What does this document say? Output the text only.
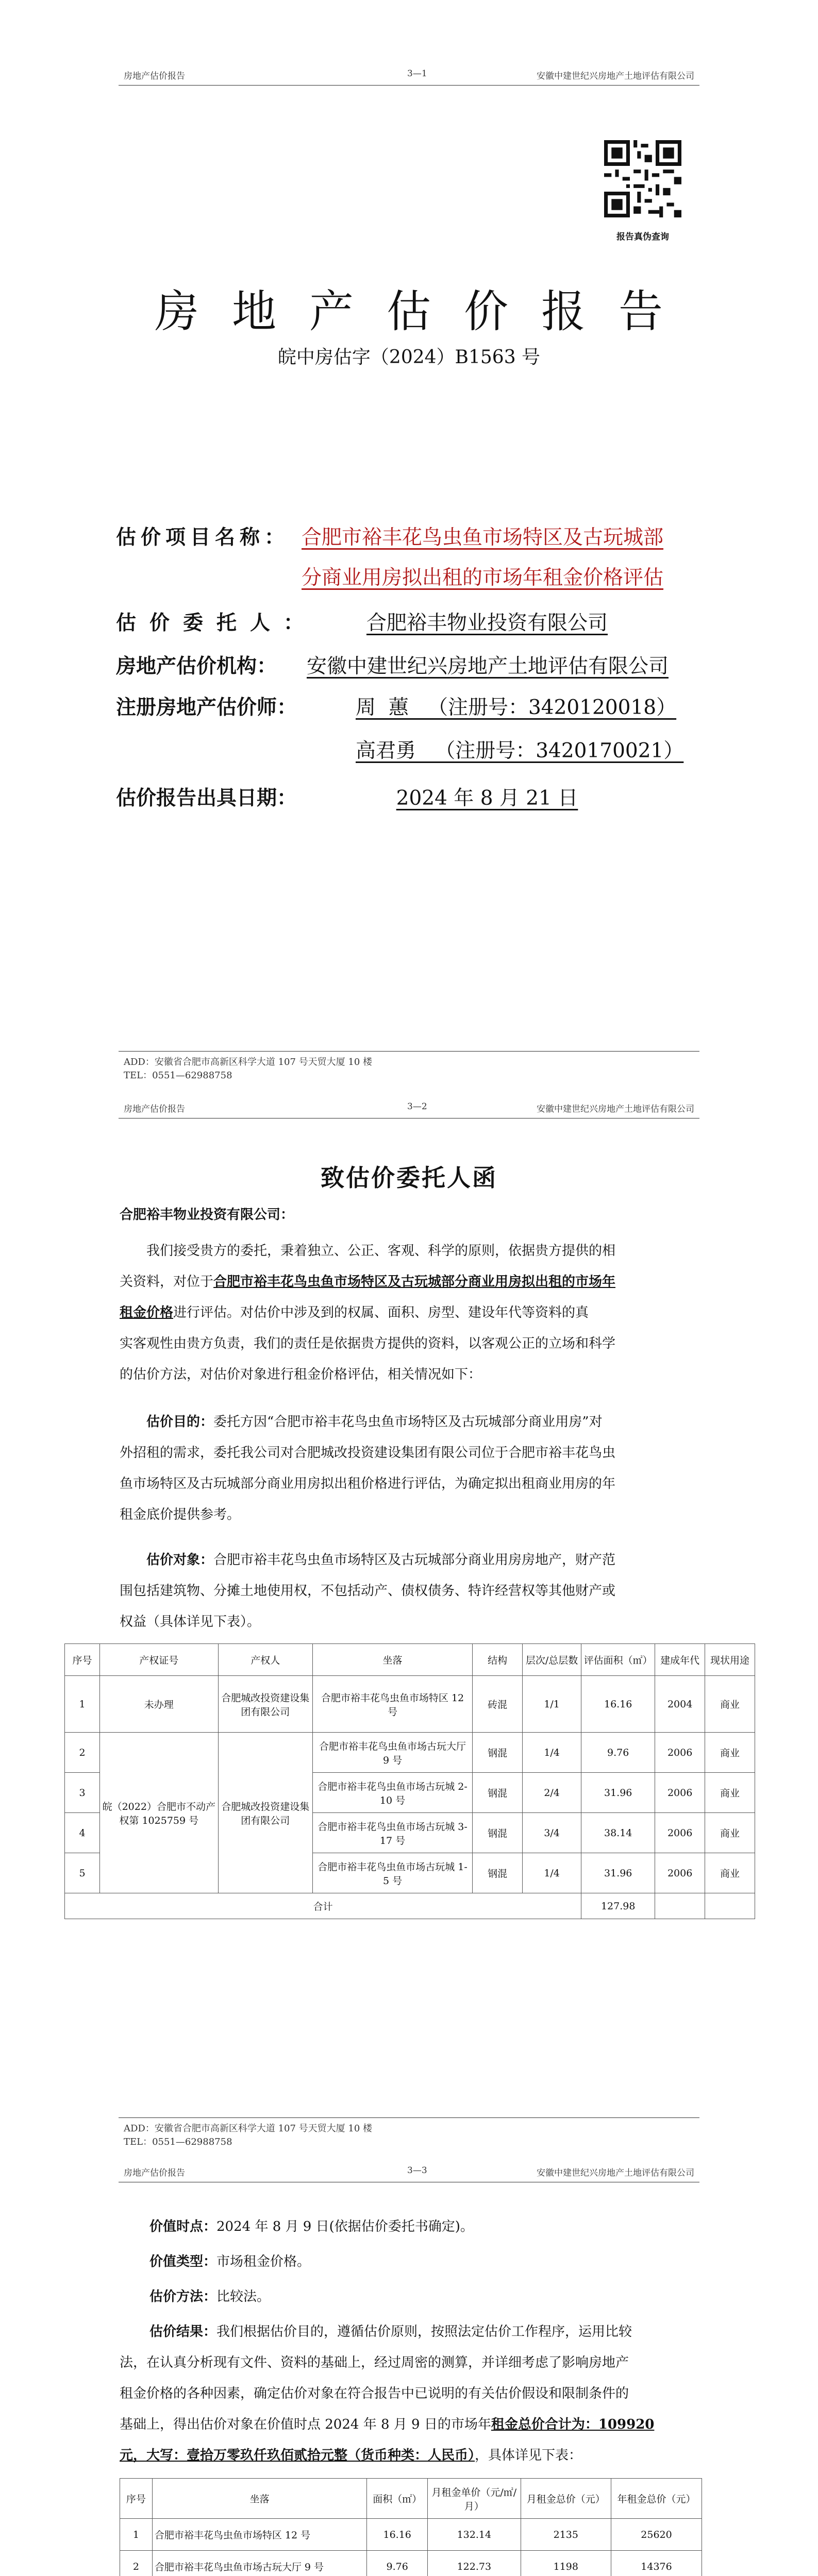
房地产估价报告	3—1	安徽中建世纪兴房地产土地评估有限公司
报告真伪查询
房地产估价报告
皖中房估字（2024）B1563 号
估价项目名称： 合肥市裕丰花鸟虫鱼市场特区及古玩城部
分商业用房拟出租的市场年租金价格评估
估价委托人：	合肥裕丰物业投资有限公司
房地产估价机构： 安徽中建世纪兴房地产土地评估有限公司
注册房地产估价师：	周  蕙   （注册号：3420120018）
高君勇   （注册号：3420170021）
估价报告出具日期：	2024 年 8 月 21 日
ADD：安徽省合肥市高新区科学大道 107 号天贸大厦 10 楼
TEL：0551—62988758
房地产估价报告	3—2	安徽中建世纪兴房地产土地评估有限公司
致估价委托人函
合肥裕丰物业投资有限公司：
我们接受贵方的委托，秉着独立、公正、客观、科学的原则，依据贵方提供的相
关资料，对位于合肥市裕丰花鸟虫鱼市场特区及古玩城部分商业用房拟出租的市场年
租金价格进行评估。对估价中涉及到的权属、面积、房型、建设年代等资料的真
实客观性由贵方负责，我们的责任是依据贵方提供的资料，以客观公正的立场和科学
的估价方法，对估价对象进行租金价格评估，相关情况如下：
估价目的：委托方因“合肥市裕丰花鸟虫鱼市场特区及古玩城部分商业用房”对
外招租的需求，委托我公司对合肥城改投资建设集团有限公司位于合肥市裕丰花鸟虫
鱼市场特区及古玩城部分商业用房拟出租价格进行评估，为确定拟出租商业用房的年
租金底价提供参考。
估价对象：合肥市裕丰花鸟虫鱼市场特区及古玩城部分商业用房房地产，财产范
围包括建筑物、分摊土地使用权，不包括动产、债权债务、特许经营权等其他财产或
权益（具体详见下表）。
序号	产权证号	产权人	坐落	结构	层次/总层数	评估面积（㎡）	建成年代	现状用途
1	未办理	合肥城改投资建设集团有限公司	合肥市裕丰花鸟虫鱼市场特区 12 号	砖混	1/1	16.16	2004	商业
2	皖（2022）合肥市不动产权第 1025759 号	合肥城改投资建设集团有限公司	合肥市裕丰花鸟虫鱼市场古玩大厅 9 号	钢混	1/4	9.76	2006	商业
3			合肥市裕丰花鸟虫鱼市场古玩城 2-10 号	钢混	2/4	31.96	2006	商业
4			合肥市裕丰花鸟虫鱼市场古玩城 3-17 号	钢混	3/4	38.14	2006	商业
5			合肥市裕丰花鸟虫鱼市场古玩城 1-5 号	钢混	1/4	31.96	2006	商业
合计						127.98		
ADD：安徽省合肥市高新区科学大道 107 号天贸大厦 10 楼
TEL：0551—62988758
房地产估价报告	3—3	安徽中建世纪兴房地产土地评估有限公司
价值时点：2024 年 8 月 9 日(依据估价委托书确定)。
价值类型：市场租金价格。
估价方法：比较法。
估价结果：我们根据估价目的，遵循估价原则，按照法定估价工作程序，运用比较
法，在认真分析现有文件、资料的基础上，经过周密的测算，并详细考虑了影响房地产
租金价格的各种因素，确定估价对象在符合报告中已说明的有关估价假设和限制条件的
基础上，得出估价对象在价值时点 2024 年 8 月 9 日的市场年租金总价合计为：109920
元，大写：壹拾万零玖仟玖佰贰拾元整（货币种类：人民币），具体详见下表：
序号	坐落	面积（㎡）	月租金单价（元/㎡/月）	月租金总价（元）	年租金总价（元）
1	合肥市裕丰花鸟虫鱼市场特区 12 号	16.16	132.14	2135	25620
2	合肥市裕丰花鸟虫鱼市场古玩大厅 9 号	9.76	122.73	1198	14376
